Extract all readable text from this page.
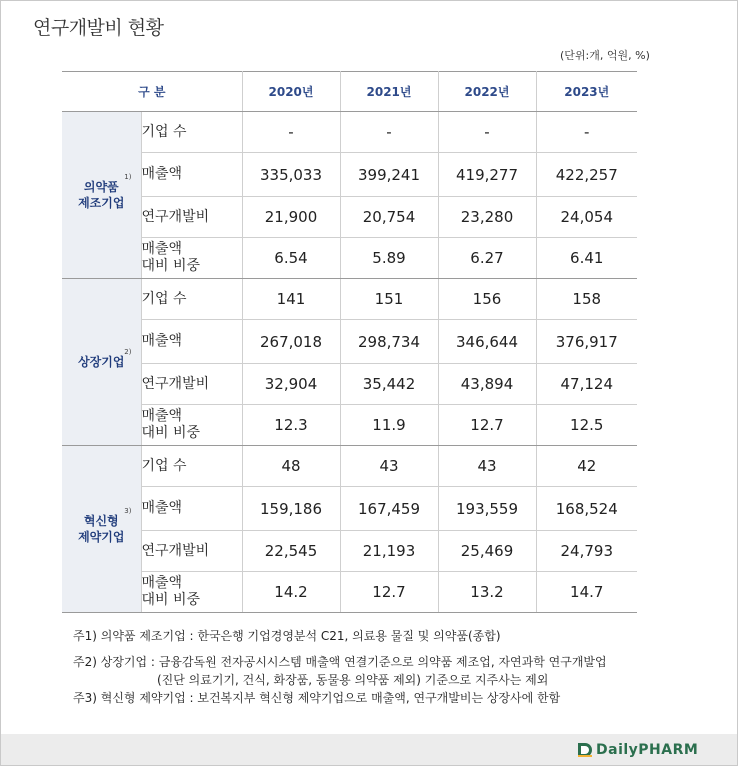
연구개발비 현황
(단위:개, 억원, %)
구 분		2020년	2021년	2022년	2023년
의약품
제조기업
1)	기업 수	-	-	-	-
	매출액	335,033	399,241	419,277	422,257
	연구개발비	21,900	20,754	23,280	24,054
	매출액
대비 비중	6.54	5.89	6.27	6.41
상장기업
2)	기업 수	141	151	156	158
	매출액	267,018	298,734	346,644	376,917
	연구개발비	32,904	35,442	43,894	47,124
	매출액
대비 비중	12.3	11.9	12.7	12.5
혁신형
제약기업
3)	기업 수	48	43	43	42
	매출액	159,186	167,459	193,559	168,524
	연구개발비	22,545	21,193	25,469	24,793
	매출액
대비 비중	14.2	12.7	13.2	14.7
주1) 의약품 제조기업 : 한국은행 기업경영분석 C21, 의료용 물질 및 의약품(종합)
주2) 상장기업 : 금융감독원 전자공시시스템 매출액 연결기준으로 의약품 제조업, 자연과학 연구개발업
(진단 의료기기, 건식, 화장품, 동물용 의약품 제외) 기준으로 지주사는 제외
주3) 혁신형 제약기업 : 보건복지부 혁신형 제약기업으로 매출액, 연구개발비는 상장사에 한함
DailyPHARM
